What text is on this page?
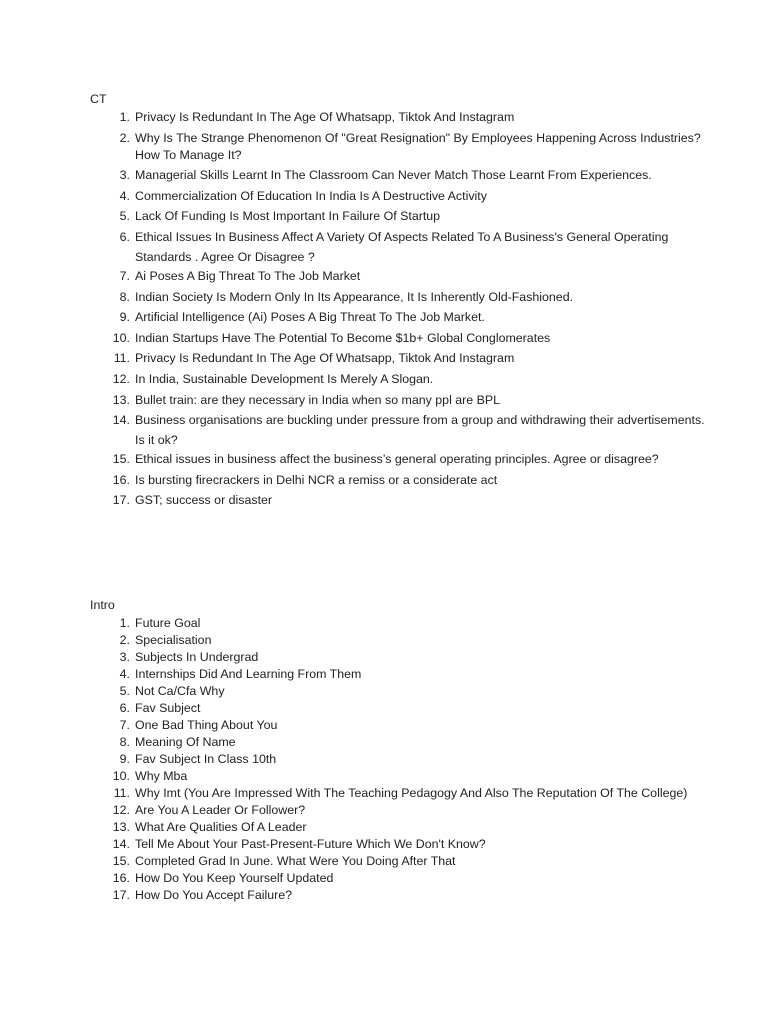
CT
1. Privacy Is Redundant In The Age Of Whatsapp, Tiktok And Instagram
2. Why Is The Strange Phenomenon Of "Great Resignation" By Employees Happening Across Industries? How To Manage It?
3. Managerial Skills Learnt In The Classroom Can Never Match Those Learnt From Experiences.
4. Commercialization Of Education In India Is A Destructive Activity
5. Lack Of Funding Is Most Important In Failure Of Startup
6. Ethical Issues In Business Affect A Variety Of Aspects Related To A Business's General Operating Standards . Agree Or Disagree ?
7. Ai Poses A Big Threat To The Job Market
8. Indian Society Is Modern Only In Its Appearance, It Is Inherently Old-Fashioned.
9. Artificial Intelligence (Ai) Poses A Big Threat To The Job Market.
10. Indian Startups Have The Potential To Become $1b+ Global Conglomerates
11. Privacy Is Redundant In The Age Of Whatsapp, Tiktok And Instagram
12. In India, Sustainable Development Is Merely A Slogan.
13. Bullet train: are they necessary in India when so many ppl are BPL
14. Business organisations are buckling under pressure from a group and withdrawing their advertisements. Is it ok?
15. Ethical issues in business affect the business’s general operating principles. Agree or disagree?
16. Is bursting firecrackers in Delhi NCR a remiss or a considerate act
17. GST; success or disaster
Intro
1. Future Goal
2. Specialisation
3. Subjects In Undergrad
4. Internships Did And Learning From Them
5. Not Ca/Cfa Why
6. Fav Subject
7. One Bad Thing About You
8. Meaning Of Name
9. Fav Subject In Class 10th
10. Why Mba
11. Why Imt (You Are Impressed With The Teaching Pedagogy And Also The Reputation Of The College)
12. Are You A Leader Or Follower?
13. What Are Qualities Of A Leader
14. Tell Me About Your Past-Present-Future Which We Don't Know?
15. Completed Grad In June. What Were You Doing After That
16. How Do You Keep Yourself Updated
17. How Do You Accept Failure?
